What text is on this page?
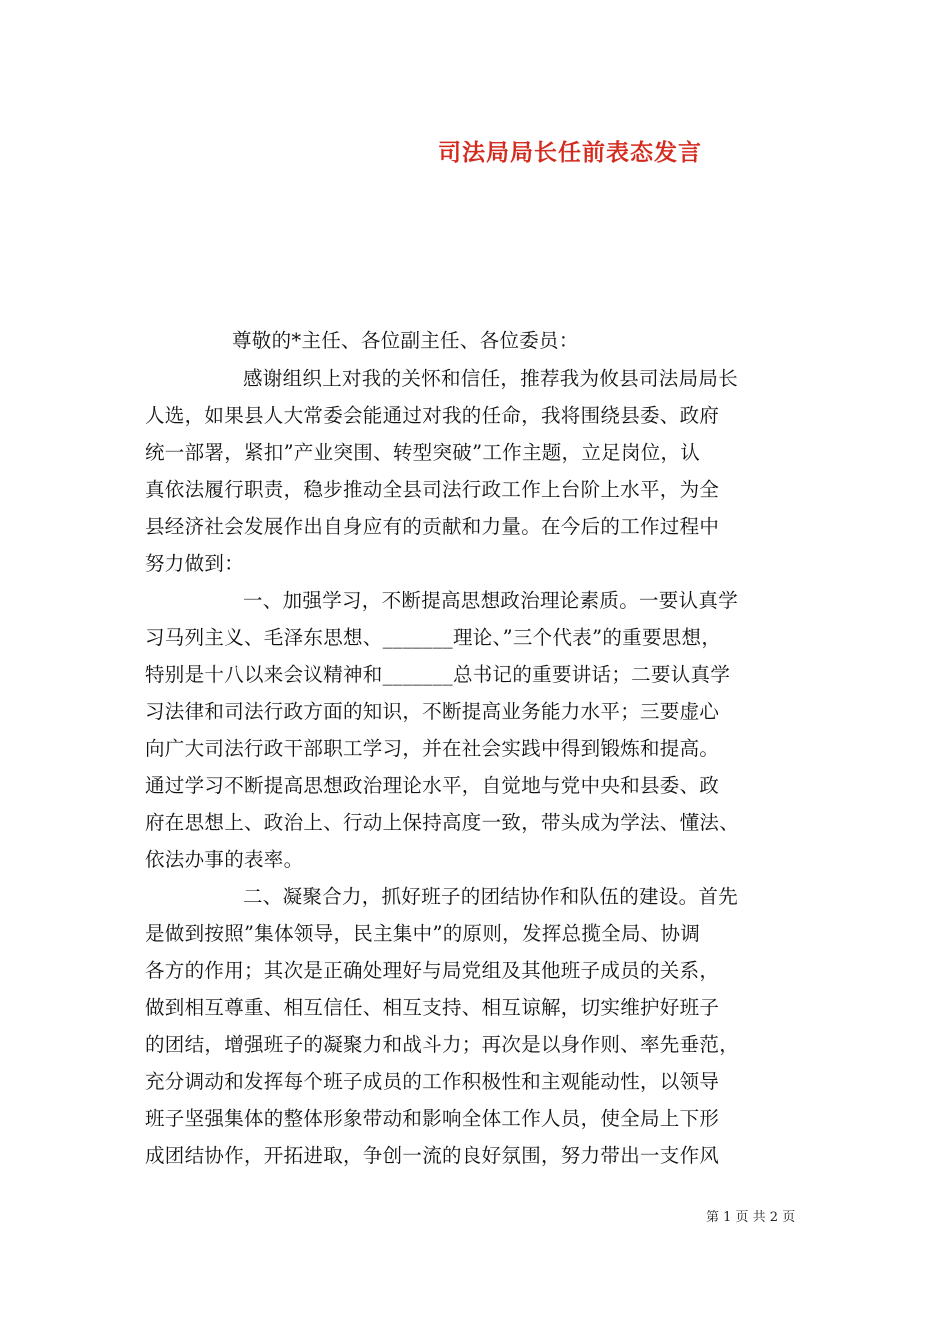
司法局局长任前表态发言
尊敬的*主任、各位副主任、各位委员：
感谢组织上对我的关怀和信任，推荐我为攸县司法局局长
人选，如果县人大常委会能通过对我的任命，我将围绕县委、政府
统一部署，紧扣”产业突围、转型突破”工作主题，立足岗位，认
真依法履行职责，稳步推动全县司法行政工作上台阶上水平，为全
县经济社会发展作出自身应有的贡献和力量。在今后的工作过程中
努力做到：
一、加强学习，不断提高思想政治理论素质。一要认真学
习马列主义、毛泽东思想、_______理论、”三个代表”的重要思想，
特别是十八以来会议精神和_______总书记的重要讲话；二要认真学
习法律和司法行政方面的知识，不断提高业务能力水平；三要虚心
向广大司法行政干部职工学习，并在社会实践中得到锻炼和提高。
通过学习不断提高思想政治理论水平，自觉地与党中央和县委、政
府在思想上、政治上、行动上保持高度一致，带头成为学法、懂法、
依法办事的表率。
二、凝聚合力，抓好班子的团结协作和队伍的建设。首先
是做到按照”集体领导，民主集中”的原则，发挥总揽全局、协调
各方的作用；其次是正确处理好与局党组及其他班子成员的关系，
做到相互尊重、相互信任、相互支持、相互谅解，切实维护好班子
的团结，增强班子的凝聚力和战斗力；再次是以身作则、率先垂范，
充分调动和发挥每个班子成员的工作积极性和主观能动性，以领导
班子坚强集体的整体形象带动和影响全体工作人员，使全局上下形
成团结协作，开拓进取，争创一流的良好氛围，努力带出一支作风
第 1 页 共 2 页
